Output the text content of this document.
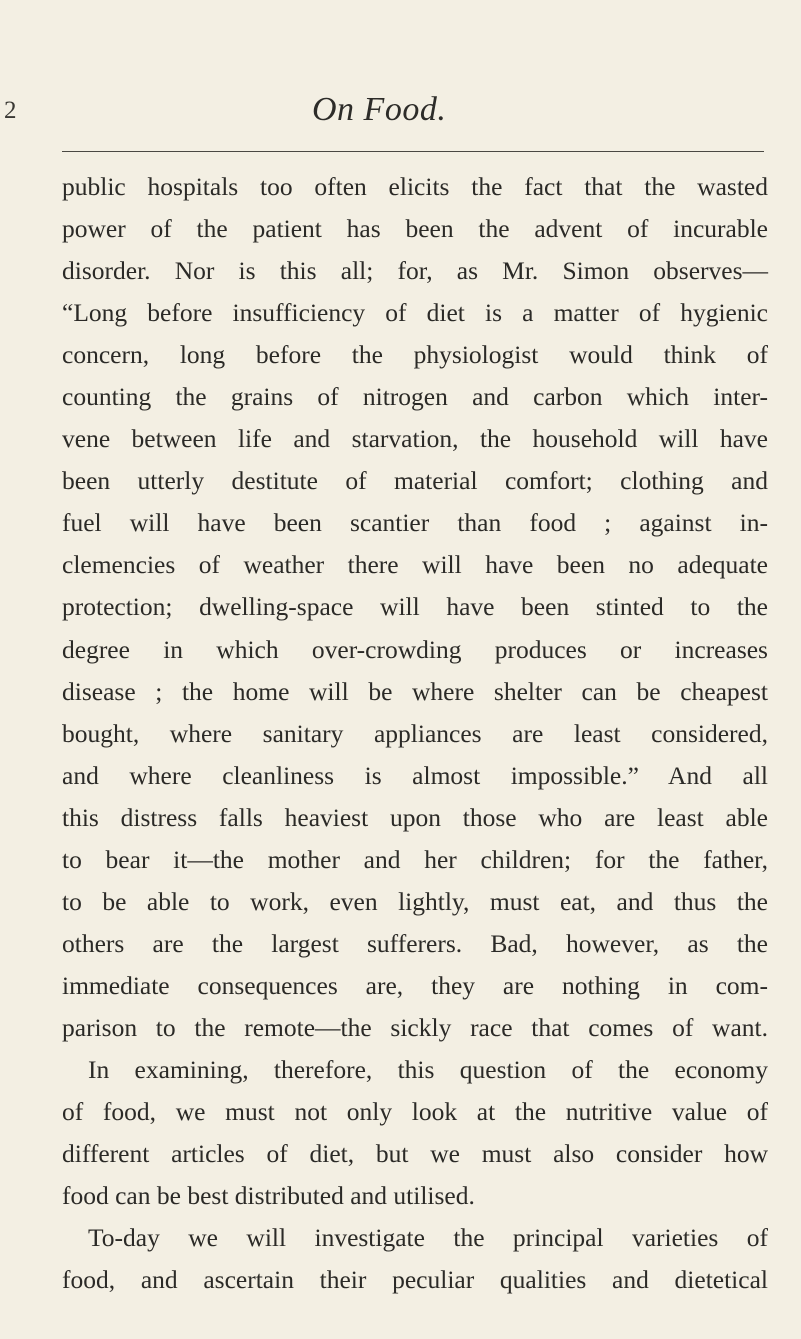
2	On Food.
public hospitals too often elicits the fact that the wasted
power of the patient has been the advent of incurable
disorder. Nor is this all; for, as Mr. Simon observes—
“Long before insufficiency of diet is a matter of hygienic
concern, long before the physiologist would think of
counting the grains of nitrogen and carbon which inter-
vene between life and starvation, the household will have
been utterly destitute of material comfort; clothing and
fuel will have been scantier than food ; against in-
clemencies of weather there will have been no adequate
protection; dwelling-space will have been stinted to the
degree in which over-crowding produces or increases
disease ; the home will be where shelter can be cheapest
bought, where sanitary appliances are least considered,
and where cleanliness is almost impossible.” And all
this distress falls heaviest upon those who are least able
to bear it—the mother and her children; for the father,
to be able to work, even lightly, must eat, and thus the
others are the largest sufferers. Bad, however, as the
immediate consequences are, they are nothing in com-
parison to the remote—the sickly race that comes of want.
In examining, therefore, this question of the economy
of food, we must not only look at the nutritive value of
different articles of diet, but we must also consider how
food can be best distributed and utilised.
To-day we will investigate the principal varieties of
food, and ascertain their peculiar qualities and dietetical
